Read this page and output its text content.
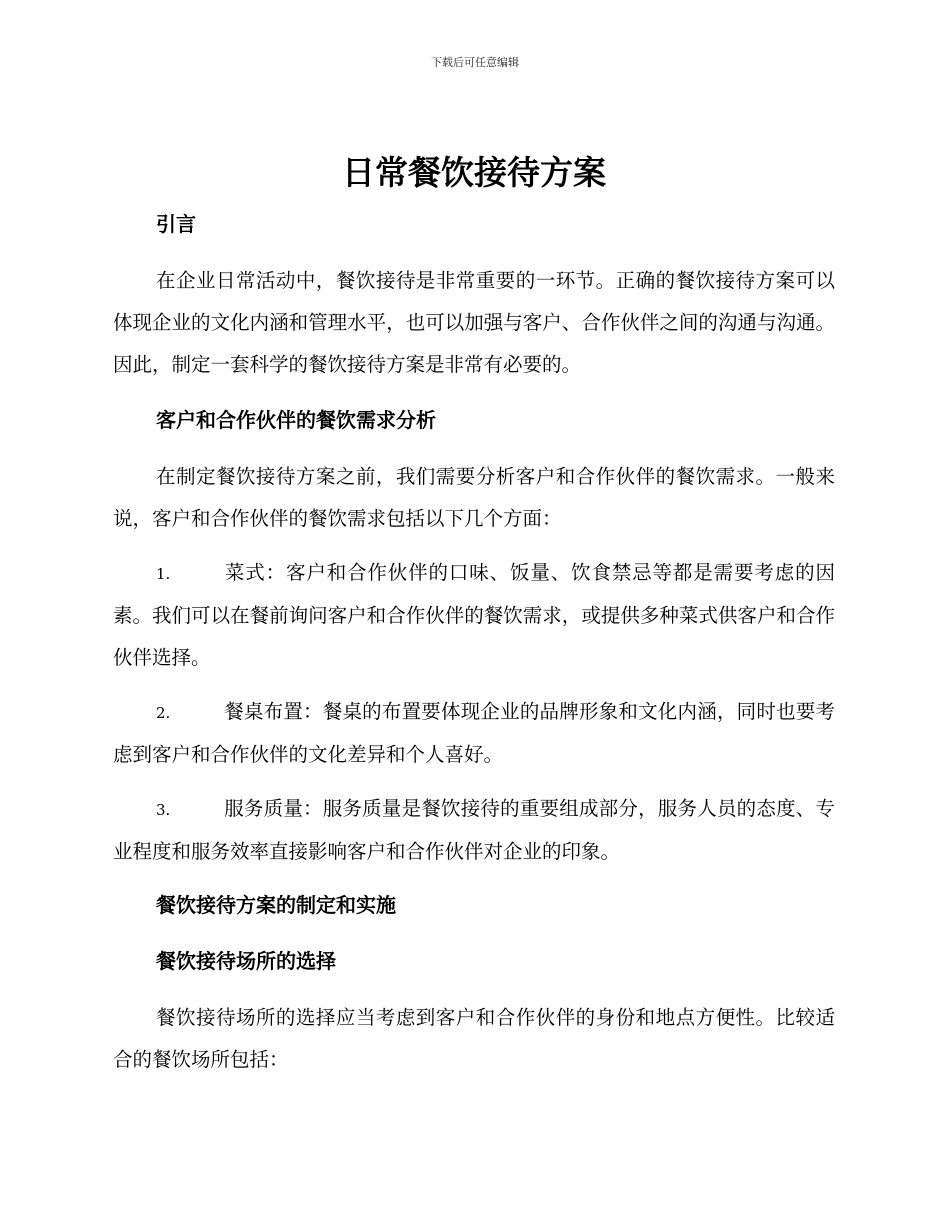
下载后可任意编辑
日常餐饮接待方案
引言

在企业日常活动中，餐饮接待是非常重要的一环节。正确的餐饮接待方案可以体现企业的文化内涵和管理水平，也可以加强与客户、合作伙伴之间的沟通与沟通。因此，制定一套科学的餐饮接待方案是非常有必要的。

客户和合作伙伴的餐饮需求分析

在制定餐饮接待方案之前，我们需要分析客户和合作伙伴的餐饮需求。一般来说，客户和合作伙伴的餐饮需求包括以下几个方面：

1.	菜式：客户和合作伙伴的口味、饭量、饮食禁忌等都是需要考虑的因素。我们可以在餐前询问客户和合作伙伴的餐饮需求，或提供多种菜式供客户和合作伙伴选择。

2.	餐桌布置：餐桌的布置要体现企业的品牌形象和文化内涵，同时也要考虑到客户和合作伙伴的文化差异和个人喜好。

3.	服务质量：服务质量是餐饮接待的重要组成部分，服务人员的态度、专业程度和服务效率直接影响客户和合作伙伴对企业的印象。

餐饮接待方案的制定和实施
餐饮接待场所的选择

餐饮接待场所的选择应当考虑到客户和合作伙伴的身份和地点方便性。比较适合的餐饮场所包括：
